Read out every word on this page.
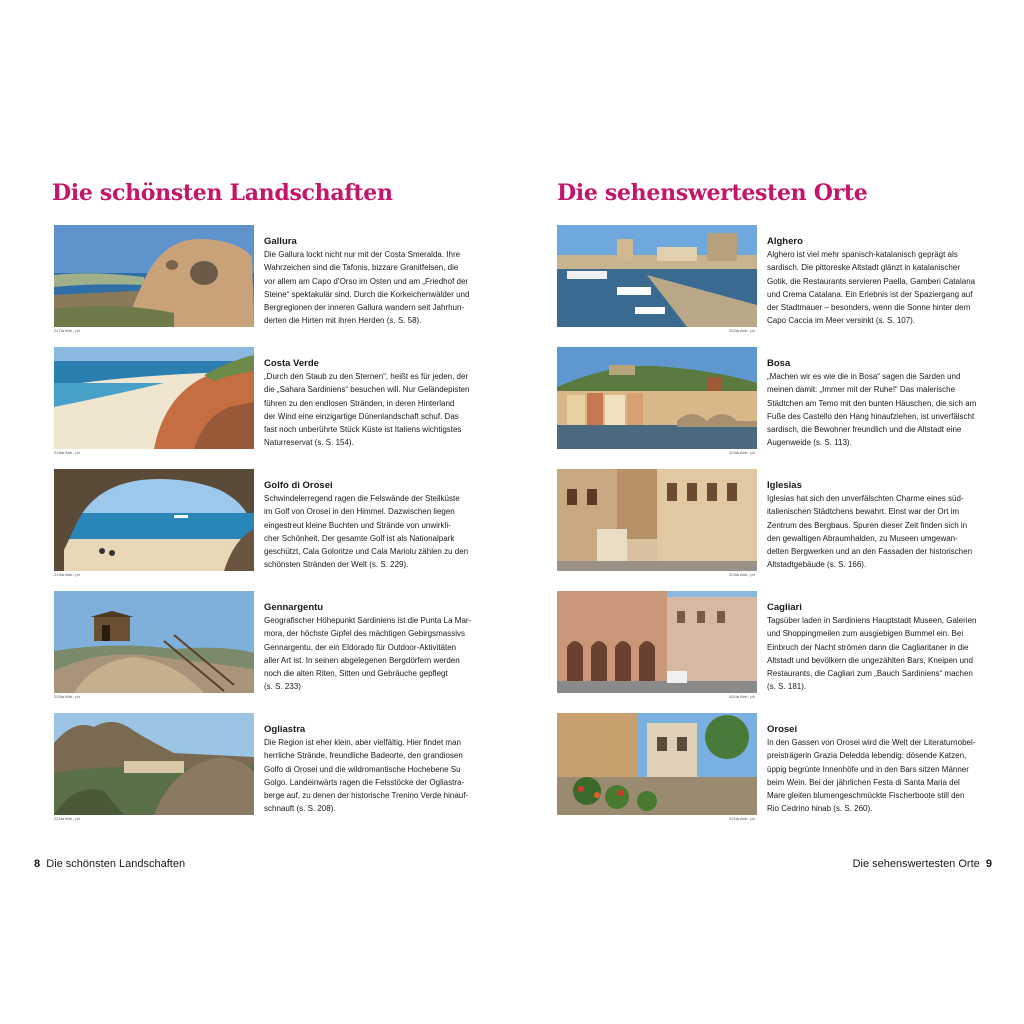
Die schönsten Landschaften
217ta Abb.: ph
Gallura
Die Gallura lockt nicht nur mit der Costa Smeralda. Ihre
Wahrzeichen sind die Tafonis, bizzare Granitfelsen, die
vor allem am Capo d’Orso im Osten und am „Friedhof der
Steine“ spektakulär sind. Durch die Korkeichenwälder und
Bergregionen der inneren Gallura wandern seit Jahrhun-
derten die Hirten mit ihren Herden (s. S. 58).
218ta Abb.: ph
Costa Verde
„Durch den Staub zu den Sternen“, heißt es für jeden, der
die „Sahara Sardiniens“ besuchen will. Nur Geländepisten
führen zu den endlosen Stränden, in deren Hinterland
der Wind eine einzigartige Dünenlandschaft schuf. Das
fast noch unberührte Stück Küste ist Italiens wichtigstes
Naturreservat (s. S. 154).
219ta Abb.: ph
Golfo di Orosei
Schwindelerregend ragen die Felswände der Steilküste
im Golf von Orosei in den Himmel. Dazwischen liegen
eingestreut kleine Buchten und Strände von unwirkli-
cher Schönheit. Der gesamte Golf ist als Nationalpark
geschützt, Cala Goloritze und Cala Mariolu zählen zu den
schönsten Stränden der Welt (s. S. 229).
220ta Abb.: ph
Gennargentu
Geografischer Höhepunkt Sardiniens ist die Punta La Mar-
mora, der höchste Gipfel des mächtigen Gebirgsmassivs
Gennargentu, der ein Eldorado für Outdoor-Aktivitäten
aller Art ist. In seinen abgelegenen Bergdörfern werden
noch die alten Riten, Sitten und Gebräuche gepflegt
(s. S. 233)
221ta Abb.: ph
Ogliastra
Die Region ist eher klein, aber vielfältig. Hier findet man
herrliche Strände, freundliche Badeorte, den grandiosen
Golfo di Orosei und die wildromantische Hochebene Su
Golgo. Landeinwärts ragen die Felsstöcke der Ogliastra-
berge auf, zu denen der historische Trenino Verde hinauf-
schnauft (s. S. 208).
8 Die schönsten Landschaften
Die sehenswertesten Orte
222ta Abb.: ph
Alghero
Alghero ist viel mehr spanisch-katalanisch geprägt als
sardisch. Die pittoreske Altstadt glänzt in katalanischer
Gotik, die Restaurants servieren Paella, Gamberi Catalana
und Crema Catalana. Ein Erlebnis ist der Spaziergang auf
der Stadtmauer – besonders, wenn die Sonne hinter dem
Capo Caccia im Meer versinkt (s. S. 107).
224ta Abb.: ph
Bosa
„Machen wir es wie die in Bosa“ sagen die Sarden und
meinen damit: „Immer mit der Ruhe!“ Das malerische
Städtchen am Temo mit den bunten Häuschen, die sich am
Fuße des Castello den Hang hinaufziehen, ist unverfälscht
sardisch, die Bewohner freundlich und die Altstadt eine
Augenweide (s. S. 113).
224ta Abb.: ph
Iglesias
Iglesias hat sich den unverfälschten Charme eines süd-
italienischen Städtchens bewahrt. Einst war der Ort im
Zentrum des Bergbaus. Spuren dieser Zeit finden sich in
den gewaltigen Abraumhalden, zu Museen umgewan-
delten Bergwerken und an den Fassaden der historischen
Altstadtgebäude (s. S. 166).
401ta Abb.: ph
Cagliari
Tagsüber laden in Sardiniens Hauptstadt Museen, Galerien
und Shoppingmeilen zum ausgiebigen Bummel ein. Bei
Einbruch der Nacht strömen dann die Cagliaritaner in die
Altstadt und bevölkern die ungezählten Bars, Kneipen und
Restaurants, die Cagliari zum „Bauch Sardiniens“ machen
(s. S. 181).
221ta Abb.: ph
Orosei
In den Gassen von Orosei wird die Welt der Literaturnobel-
preisträgerin Grazia Deledda lebendig: dösende Katzen,
üppig begrünte Innenhöfe und in den Bars sitzen Männer
beim Wein. Bei der jährlichen Festa di Santa Maria del
Mare gleiten blumengeschmückte Fischerboote still den
Rio Cedrino hinab (s. S. 260).
Die sehenswertesten Orte 9
